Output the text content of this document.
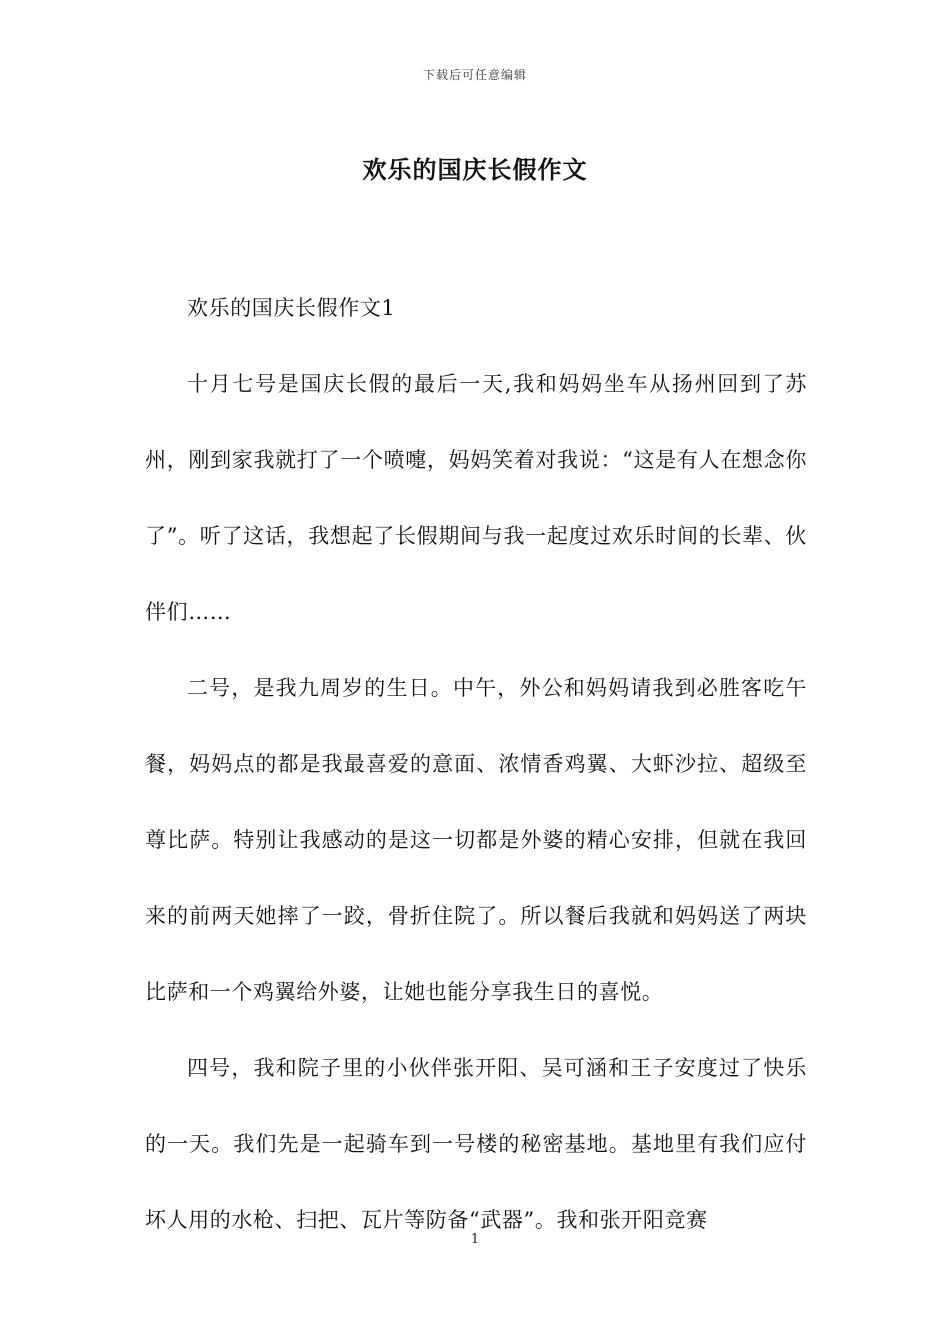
下载后可任意编辑
欢乐的国庆长假作文

欢乐的国庆长假作文1

十月七号是国庆长假的最后一天,我和妈妈坐车从扬州回到了苏州，刚到家我就打了一个喷嚏，妈妈笑着对我说：“这是有人在想念你了”。听了这话，我想起了长假期间与我一起度过欢乐时间的长辈、伙伴们……

二号，是我九周岁的生日。中午，外公和妈妈请我到必胜客吃午餐，妈妈点的都是我最喜爱的意面、浓情香鸡翼、大虾沙拉、超级至尊比萨。特别让我感动的是这一切都是外婆的精心安排，但就在我回来的前两天她摔了一跤，骨折住院了。所以餐后我就和妈妈送了两块比萨和一个鸡翼给外婆，让她也能分享我生日的喜悦。

四号，我和院子里的小伙伴张开阳、吴可涵和王子安度过了快乐的一天。我们先是一起骑车到一号楼的秘密基地。基地里有我们应付坏人用的水枪、扫把、瓦片等防备“武器”。我和张开阳竞赛

1
